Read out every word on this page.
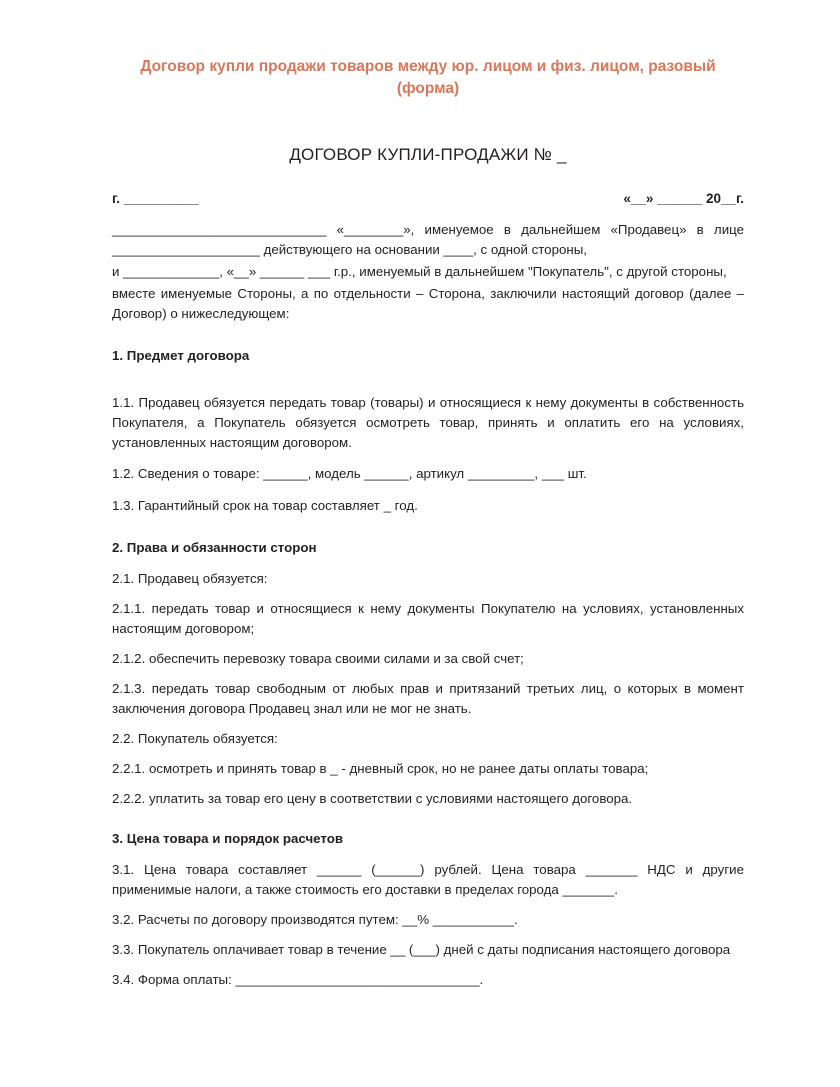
Договор купли продажи товаров между юр. лицом и физ. лицом, разовый (форма)
ДОГОВОР КУПЛИ-ПРОДАЖИ № _
г. __________	«__» ______ 20__г.

_____________________________ «________», именуемое в дальнейшем «Продавец» в лице ____________________ действующего на основании ____, с одной стороны,

и _____________, «__» ______ ___ г.р., именуемый в дальнейшем "Покупатель", с другой стороны,

вместе именуемые Стороны, а по отдельности – Сторона, заключили настоящий договор (далее – Договор) о нижеследующем:

1. Предмет договора

1.1. Продавец обязуется передать товар (товары) и относящиеся к нему документы в собственность Покупателя, а Покупатель обязуется осмотреть товар, принять и оплатить его на условиях, установленных настоящим договором.

1.2. Сведения о товаре: ______, модель ______, артикул _________, ___ шт.

1.3. Гарантийный срок на товар составляет _ год.

2. Права и обязанности сторон

2.1. Продавец обязуется:

2.1.1. передать товар и относящиеся к нему документы Покупателю на условиях, установленных настоящим договором;

2.1.2. обеспечить перевозку товара своими силами и за свой счет;

2.1.3. передать товар свободным от любых прав и притязаний третьих лиц, о которых в момент заключения договора Продавец знал или не мог не знать.

2.2. Покупатель обязуется:

2.2.1. осмотреть и принять товар в _ - дневный срок, но не ранее даты оплаты товара;

2.2.2. уплатить за товар его цену в соответствии с условиями настоящего договора.

3. Цена товара и порядок расчетов

3.1. Цена товара составляет ______ (______) рублей. Цена товара _______ НДС и другие применимые налоги, а также стоимость его доставки в пределах города _______.

3.2. Расчеты по договору производятся путем: __% ___________.

3.3. Покупатель оплачивает товар в течение __ (___) дней с даты подписания настоящего договора

3.4. Форма оплаты: _________________________________.
